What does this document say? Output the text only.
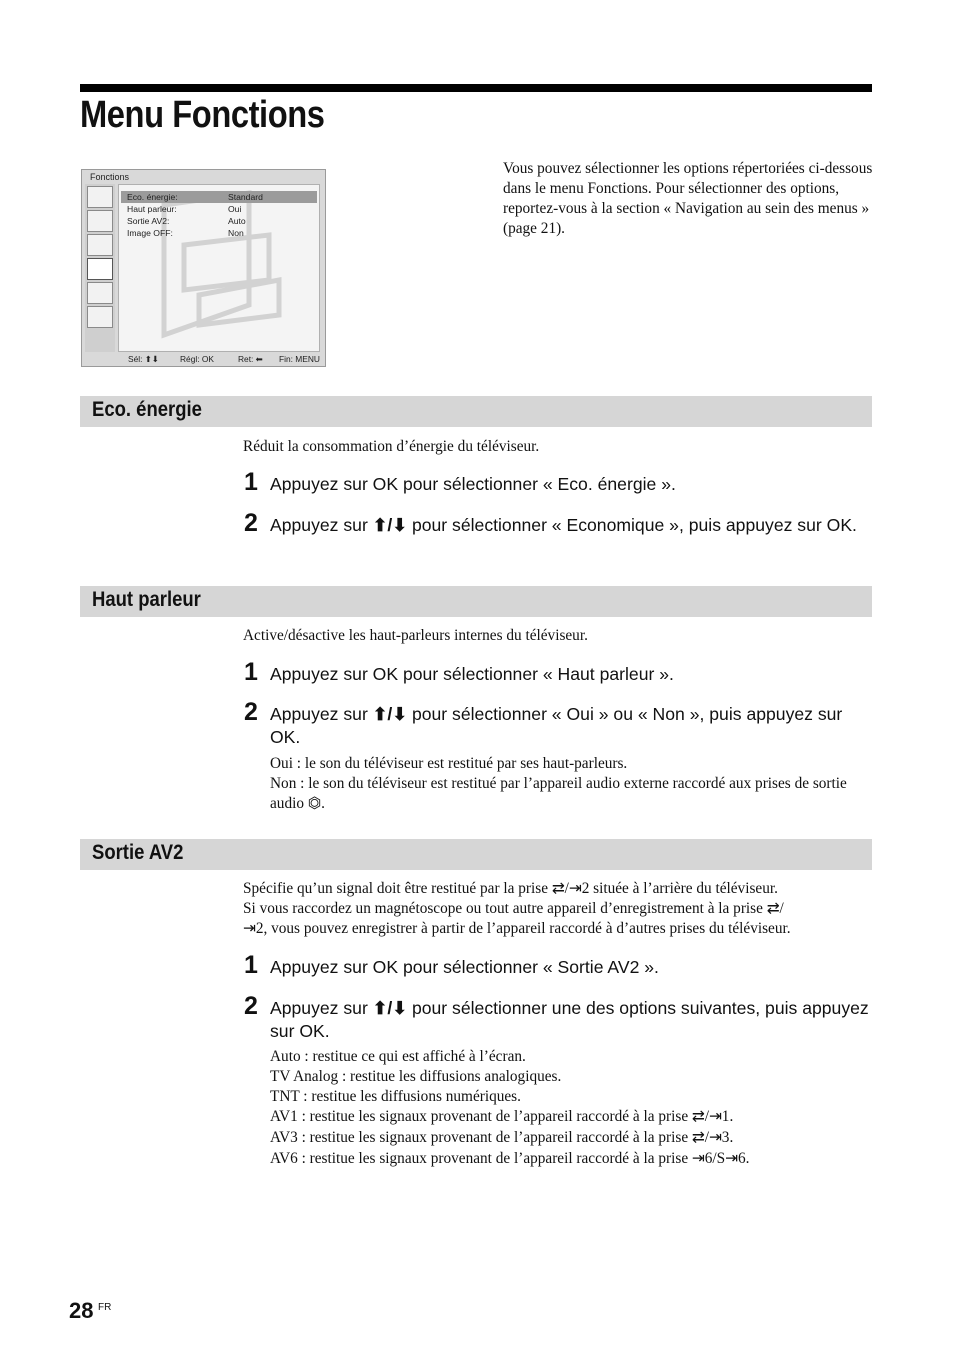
Menu Fonctions
Fonctions
Eco. énergie:	Standard
Haut parleur:	Oui
Sortie AV2:	Auto
Image OFF:	Non
Sél: ⬆⬇	Régl: OK	Ret: ⬅ Fin: MENU
Vous pouvez sélectionner les options répertoriées ci-dessous dans le menu Fonctions. Pour sélectionner des options, reportez-vous à la section « Navigation au sein des menus » (page 21).
Eco. énergie
Réduit la consommation d’énergie du téléviseur.
1 Appuyez sur OK pour sélectionner « Eco. énergie ».
2 Appuyez sur ⬆/⬇ pour sélectionner « Economique », puis appuyez sur OK.
Haut parleur
Active/désactive les haut-parleurs internes du téléviseur.
1 Appuyez sur OK pour sélectionner « Haut parleur ».
2 Appuyez sur ⬆/⬇ pour sélectionner « Oui » ou « Non », puis appuyez sur OK.
Oui : le son du téléviseur est restitué par ses haut-parleurs.
Non : le son du téléviseur est restitué par l’appareil audio externe raccordé aux prises de sortie audio ⏣.
Sortie AV2
Spécifie qu’un signal doit être restitué par la prise ⇄/⇥2 située à l’arrière du téléviseur.
Si vous raccordez un magnétoscope ou tout autre appareil d’enregistrement à la prise ⇄/
⇥2, vous pouvez enregistrer à partir de l’appareil raccordé à d’autres prises du téléviseur.
1 Appuyez sur OK pour sélectionner « Sortie AV2 ».
2 Appuyez sur ⬆/⬇ pour sélectionner une des options suivantes, puis appuyez sur OK.
Auto : restitue ce qui est affiché à l’écran.
TV Analog : restitue les diffusions analogiques.
TNT : restitue les diffusions numériques.
AV1 : restitue les signaux provenant de l’appareil raccordé à la prise ⇄/⇥1.
AV3 : restitue les signaux provenant de l’appareil raccordé à la prise ⇄/⇥3.
AV6 : restitue les signaux provenant de l’appareil raccordé à la prise ⇥6/S⇥6.
28 FR
